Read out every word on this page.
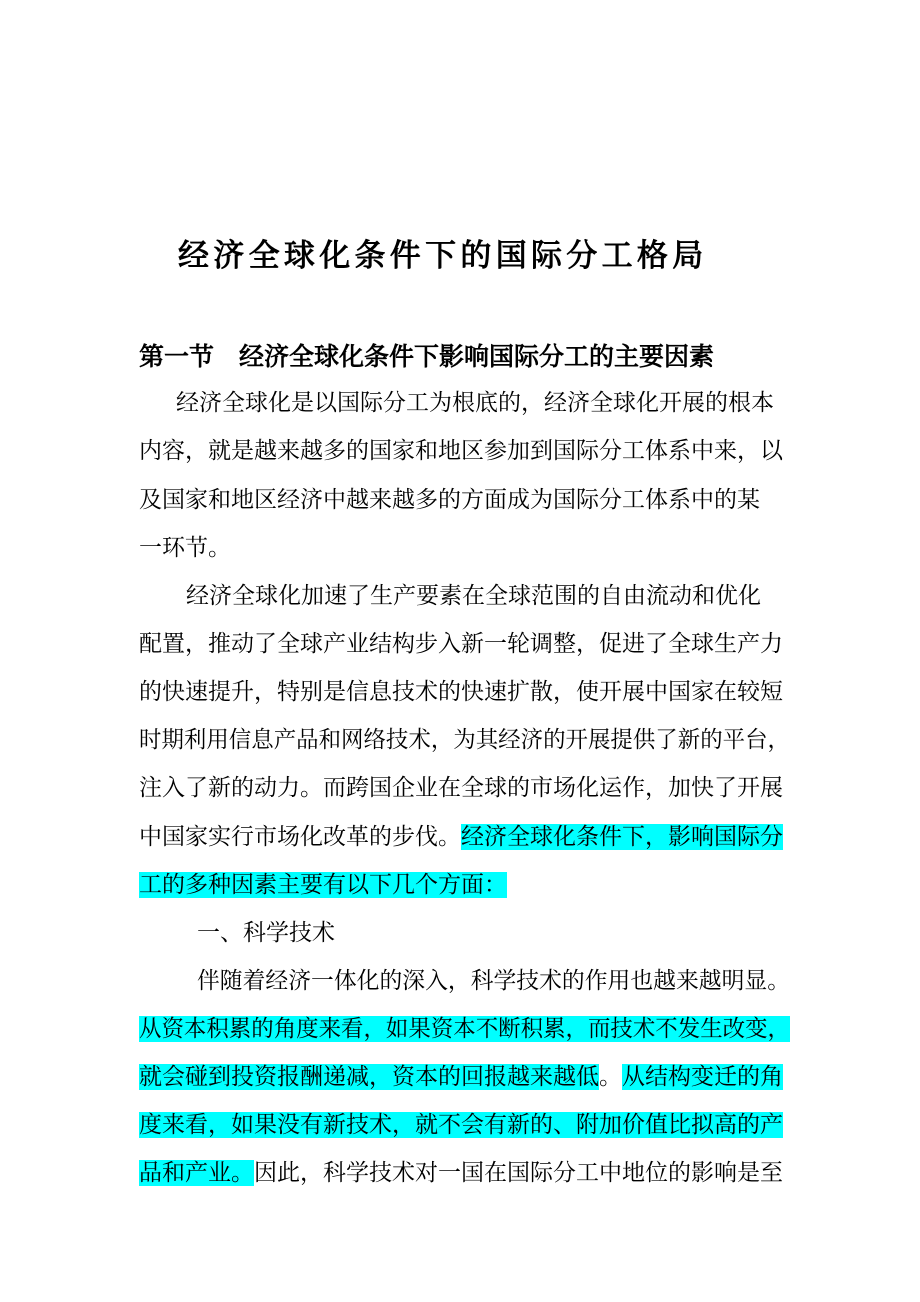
经济全球化条件下的国际分工格局
第一节　经济全球化条件下影响国际分工的主要因素
经济全球化是以国际分工为根底的，经济全球化开展的根本
内容，就是越来越多的国家和地区参加到国际分工体系中来，以
及国家和地区经济中越来越多的方面成为国际分工体系中的某
一环节。
经济全球化加速了生产要素在全球范围的自由流动和优化
配置，推动了全球产业结构步入新一轮调整，促进了全球生产力
的快速提升，特别是信息技术的快速扩散，使开展中国家在较短
时期利用信息产品和网络技术，为其经济的开展提供了新的平台，
注入了新的动力。而跨国企业在全球的市场化运作，加快了开展
中国家实行市场化改革的步伐。经济全球化条件下，影响国际分
工的多种因素主要有以下几个方面：
一、科学技术
伴随着经济一体化的深入，科学技术的作用也越来越明显。
从资本积累的角度来看，如果资本不断积累，而技术不发生改变，
就会碰到投资报酬递减，资本的回报越来越低。从结构变迁的角
度来看，如果没有新技术，就不会有新的、附加价值比拟高的产
品和产业。因此，科学技术对一国在国际分工中地位的影响是至
